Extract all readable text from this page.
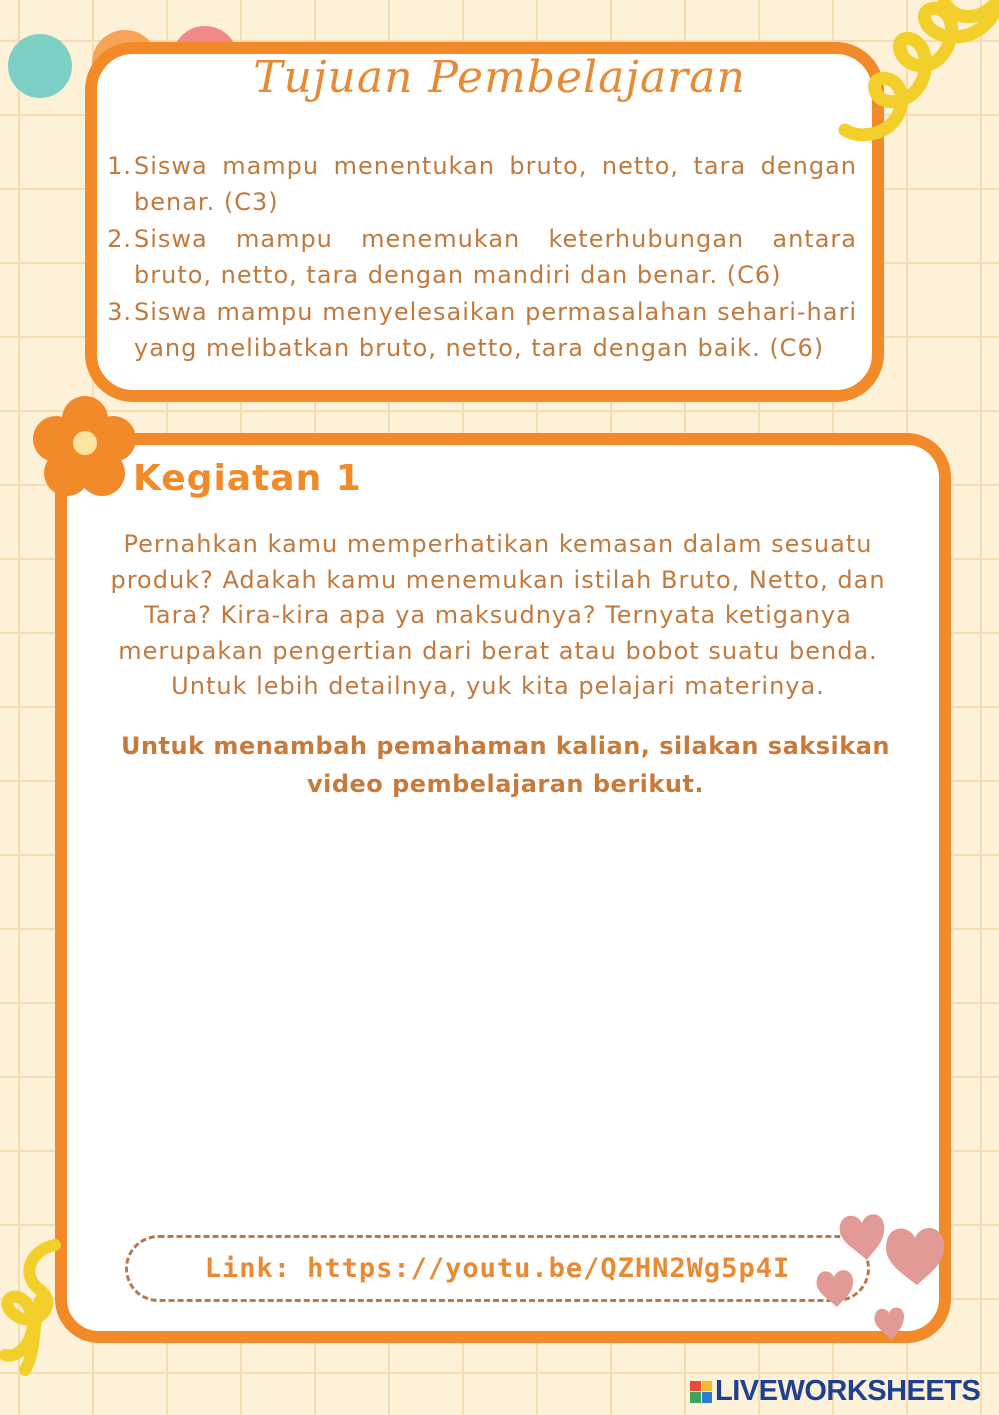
Tujuan Pembelajaran
1. Siswa mampu menentukan bruto, netto, tara dengan benar. (C3)
2. Siswa mampu menemukan keterhubungan antara bruto, netto, tara dengan mandiri dan benar. (C6)
3. Siswa mampu menyelesaikan permasalahan sehari-hari yang melibatkan bruto, netto, tara dengan baik. (C6)
Kegiatan 1

Pernahkan kamu memperhatikan kemasan dalam sesuatu produk? Adakah kamu menemukan istilah Bruto, Netto, dan Tara? Kira-kira apa ya maksudnya? Ternyata ketiganya merupakan pengertian dari berat atau bobot suatu benda. Untuk lebih detailnya, yuk kita pelajari materinya.

Untuk menambah pemahaman kalian, silakan saksikan video pembelajaran berikut.

Link: https://youtu.be/QZHN2Wg5p4I
LIVEWORKSHEETS
